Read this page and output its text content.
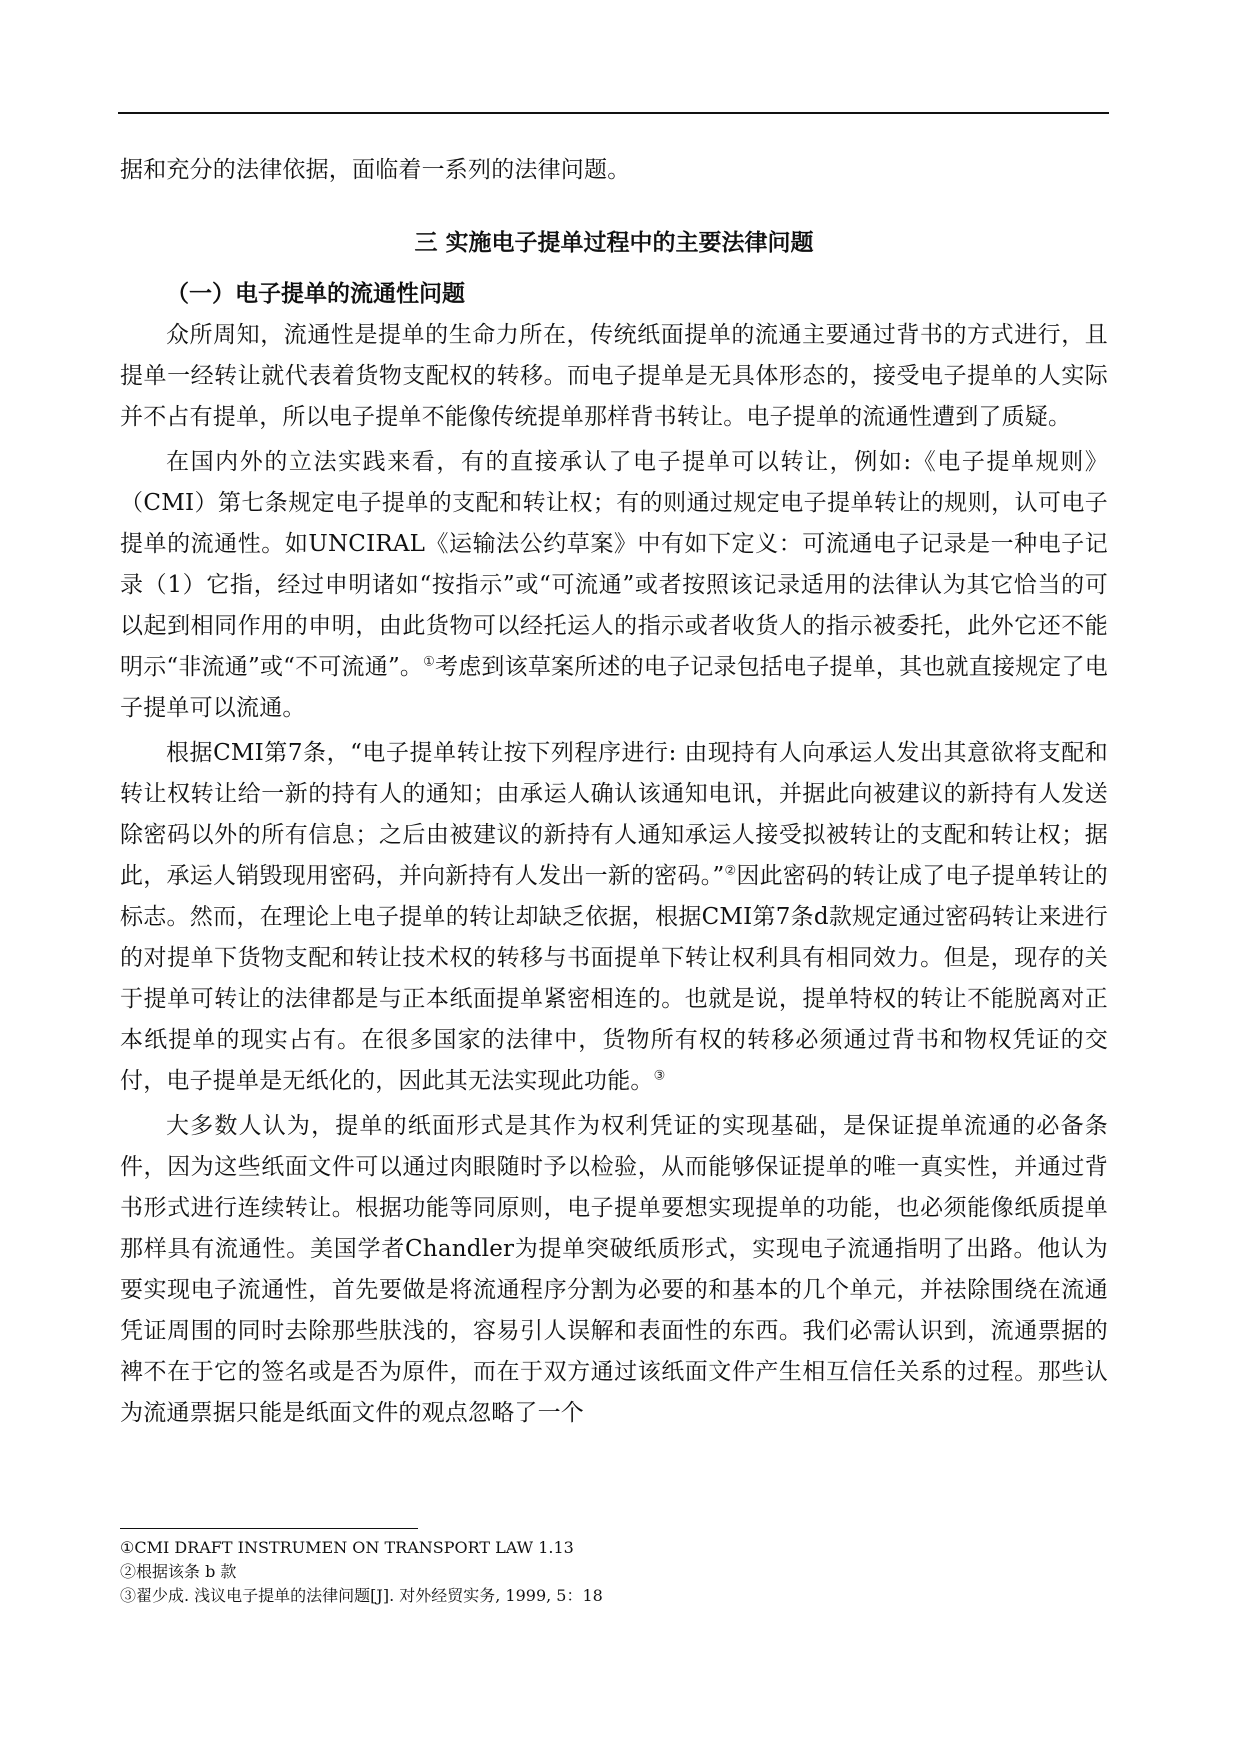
据和充分的法律依据，面临着一系列的法律问题。

三 实施电子提单过程中的主要法律问题
（一）电子提单的流通性问题

众所周知，流通性是提单的生命力所在，传统纸面提单的流通主要通过背书的方式进行，且提单一经转让就代表着货物支配权的转移。而电子提单是无具体形态的，接受电子提单的人实际并不占有提单，所以电子提单不能像传统提单那样背书转让。电子提单的流通性遭到了质疑。

在国内外的立法实践来看，有的直接承认了电子提单可以转让，例如:《电子提单规则》（CMI）第七条规定电子提单的支配和转让权；有的则通过规定电子提单转让的规则，认可电子提单的流通性。如UNCIRAL《运输法公约草案》中有如下定义：可流通电子记录是一种电子记录（1）它指，经过申明诸如“按指示”或“可流通”或者按照该记录适用的法律认为其它恰当的可以起到相同作用的申明，由此货物可以经托运人的指示或者收货人的指示被委托，此外它还不能明示“非流通”或“不可流通”。①考虑到该草案所述的电子记录包括电子提单，其也就直接规定了电子提单可以流通。

根据CMI第7条，“电子提单转让按下列程序进行: 由现持有人向承运人发出其意欲将支配和转让权转让给一新的持有人的通知；由承运人确认该通知电讯，并据此向被建议的新持有人发送除密码以外的所有信息；之后由被建议的新持有人通知承运人接受拟被转让的支配和转让权；据此，承运人销毁现用密码，并向新持有人发出一新的密码。”②因此密码的转让成了电子提单转让的标志。然而，在理论上电子提单的转让却缺乏依据，根据CMI第7条d款规定通过密码转让来进行的对提单下货物支配和转让技术权的转移与书面提单下转让权利具有相同效力。但是，现存的关于提单可转让的法律都是与正本纸面提单紧密相连的。也就是说，提单特权的转让不能脱离对正本纸提单的现实占有。在很多国家的法律中，货物所有权的转移必须通过背书和物权凭证的交付，电子提单是无纸化的，因此其无法实现此功能。③

大多数人认为，提单的纸面形式是其作为权利凭证的实现基础，是保证提单流通的必备条件，因为这些纸面文件可以通过肉眼随时予以检验，从而能够保证提单的唯一真实性，并通过背书形式进行连续转让。根据功能等同原则，电子提单要想实现提单的功能，也必须能像纸质提单那样具有流通性。美国学者Chandler为提单突破纸质形式，实现电子流通指明了出路。他认为要实现电子流通性，首先要做是将流通程序分割为必要的和基本的几个单元，并祛除围绕在流通凭证周围的同时去除那些肤浅的，容易引人误解和表面性的东西。我们必需认识到，流通票据的裨不在于它的签名或是否为原件，而在于双方通过该纸面文件产生相互信任关系的过程。那些认为流通票据只能是纸面文件的观点忽略了一个

①CMI DRAFT INSTRUMEN ON TRANSPORT LAW 1.13
②根据该条 b 款
③翟少成. 浅议电子提单的法律问题[J]. 对外经贸实务, 1999, 5：18
